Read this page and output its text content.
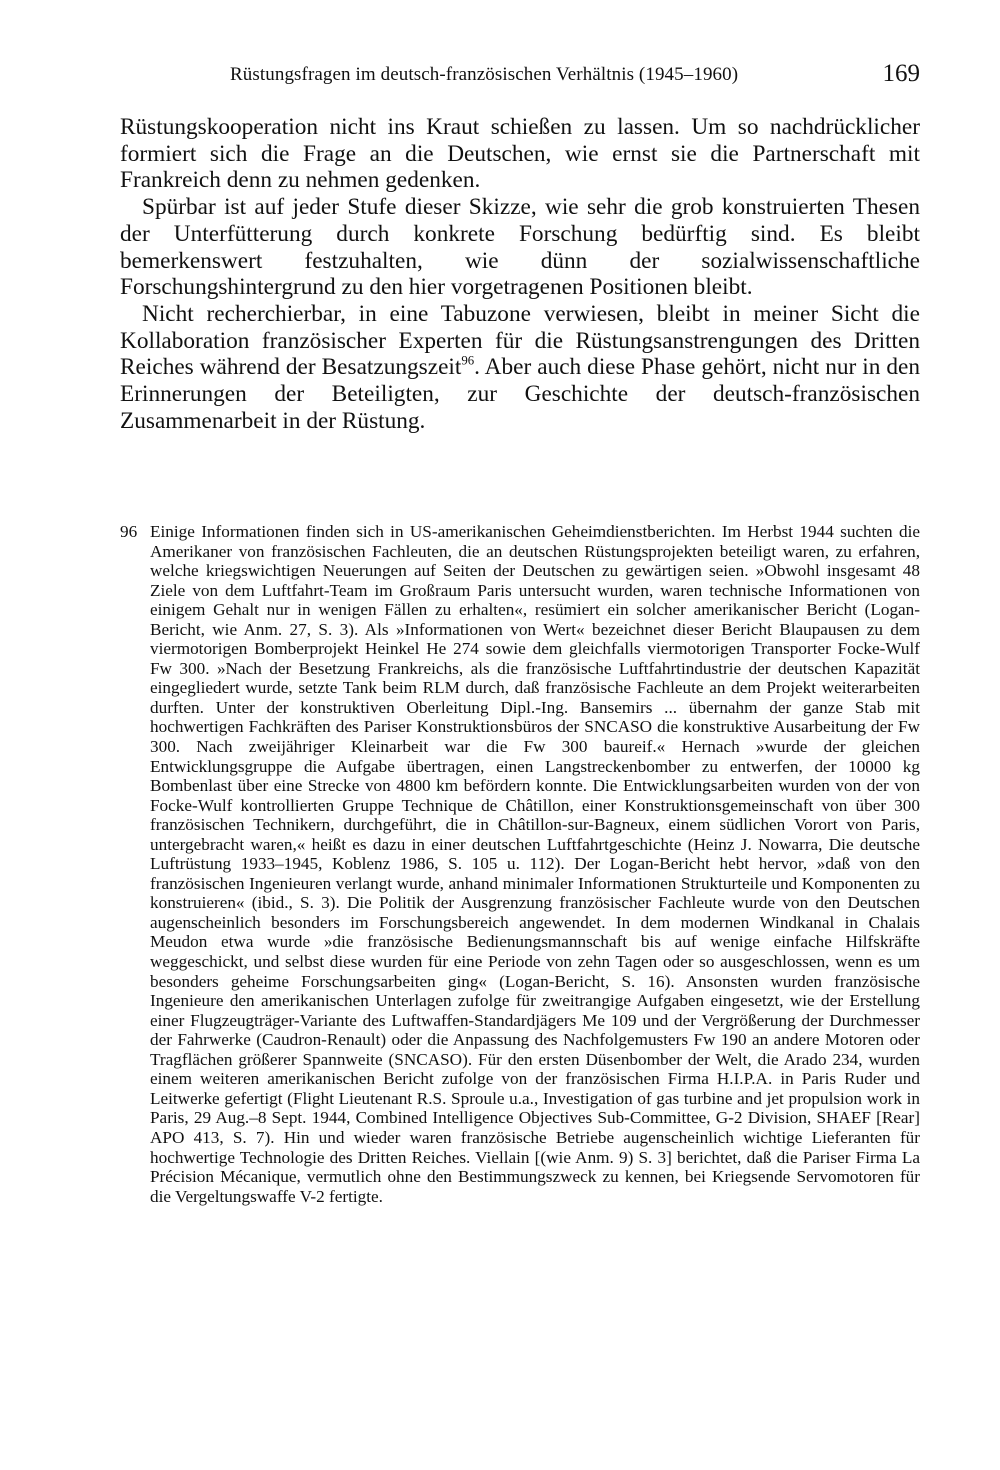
Rüstungsfragen im deutsch-französischen Verhältnis (1945–1960)	169

Rüstungskooperation nicht ins Kraut schießen zu lassen. Um so nachdrücklicher formiert sich die Frage an die Deutschen, wie ernst sie die Partnerschaft mit Frankreich denn zu nehmen gedenken.

Spürbar ist auf jeder Stufe dieser Skizze, wie sehr die grob konstruierten Thesen der Unterfütterung durch konkrete Forschung bedürftig sind. Es bleibt bemerkenswert festzuhalten, wie dünn der sozialwissenschaftliche Forschungshintergrund zu den hier vorgetragenen Positionen bleibt.

Nicht recherchierbar, in eine Tabuzone verwiesen, bleibt in meiner Sicht die Kollaboration französischer Experten für die Rüstungsanstrengungen des Dritten Reiches während der Besatzungszeit$^{96}$. Aber auch diese Phase gehört, nicht nur in den Erinnerungen der Beteiligten, zur Geschichte der deutsch-französischen Zusammenarbeit in der Rüstung.

96 Einige Informationen finden sich in US-amerikanischen Geheimdienstberichten. Im Herbst 1944 suchten die Amerikaner von französischen Fachleuten, die an deutschen Rüstungsprojekten beteiligt waren, zu erfahren, welche kriegswichtigen Neuerungen auf Seiten der Deutschen zu gewärtigen seien. »Obwohl insgesamt 48 Ziele von dem Luftfahrt-Team im Großraum Paris untersucht wurden, waren technische Informationen von einigem Gehalt nur in wenigen Fällen zu erhalten«, resümiert ein solcher amerikanischer Bericht (Logan-Bericht, wie Anm. 27, S. 3). Als »Informationen von Wert« bezeichnet dieser Bericht Blaupausen zu dem viermotorigen Bomberprojekt Heinkel He 274 sowie dem gleichfalls viermotorigen Transporter Focke-Wulf Fw 300. »Nach der Besetzung Frankreichs, als die französische Luftfahrtindustrie der deutschen Kapazität eingegliedert wurde, setzte Tank beim RLM durch, daß französische Fachleute an dem Projekt weiterarbeiten durften. Unter der konstruktiven Oberleitung Dipl.-Ing. Bansemirs ... übernahm der ganze Stab mit hochwertigen Fachkräften des Pariser Konstruktionsbüros der SNCASO die konstruktive Ausarbeitung der Fw 300. Nach zweijähriger Kleinarbeit war die Fw 300 baureif.« Hernach »wurde der gleichen Entwicklungsgruppe die Aufgabe übertragen, einen Langstreckenbomber zu entwerfen, der 10000 kg Bombenlast über eine Strecke von 4800 km befördern konnte. Die Entwicklungsarbeiten wurden von der von Focke-Wulf kontrollierten Gruppe Technique de Châtillon, einer Konstruktionsgemeinschaft von über 300 französischen Technikern, durchgeführt, die in Châtillon-sur-Bagneux, einem südlichen Vorort von Paris, untergebracht waren,« heißt es dazu in einer deutschen Luftfahrtgeschichte (Heinz J. Nowarra, Die deutsche Luftrüstung 1933–1945, Koblenz 1986, S. 105 u. 112). Der Logan-Bericht hebt hervor, »daß von den französischen Ingenieuren verlangt wurde, anhand minimaler Informationen Strukturteile und Komponenten zu konstruieren« (ibid., S. 3). Die Politik der Ausgrenzung französischer Fachleute wurde von den Deutschen augenscheinlich besonders im Forschungsbereich angewendet. In dem modernen Windkanal in Chalais Meudon etwa wurde »die französische Bedienungsmannschaft bis auf wenige einfache Hilfskräfte weggeschickt, und selbst diese wurden für eine Periode von zehn Tagen oder so ausgeschlossen, wenn es um besonders geheime Forschungsarbeiten ging« (Logan-Bericht, S. 16). Ansonsten wurden französische Ingenieure den amerikanischen Unterlagen zufolge für zweitrangige Aufgaben eingesetzt, wie der Erstellung einer Flugzeugträger-Variante des Luftwaffen-Standardjägers Me 109 und der Vergrößerung der Durchmesser der Fahrwerke (Caudron-Renault) oder die Anpassung des Nachfolgemusters Fw 190 an andere Motoren oder Tragflächen größerer Spannweite (SNCASO). Für den ersten Düsenbomber der Welt, die Arado 234, wurden einem weiteren amerikanischen Bericht zufolge von der französischen Firma H.I.P.A. in Paris Ruder und Leitwerke gefertigt (Flight Lieutenant R.S. Sproule u.a., Investigation of gas turbine and jet propulsion work in Paris, 29 Aug.–8 Sept. 1944, Combined Intelligence Objectives Sub-Committee, G-2 Division, SHAEF [Rear] APO 413, S. 7). Hin und wieder waren französische Betriebe augenscheinlich wichtige Lieferanten für hochwertige Technologie des Dritten Reiches. Viellain [(wie Anm. 9) S. 3] berichtet, daß die Pariser Firma La Précision Mécanique, vermutlich ohne den Bestimmungszweck zu kennen, bei Kriegsende Servomotoren für die Vergeltungswaffe V-2 fertigte.
